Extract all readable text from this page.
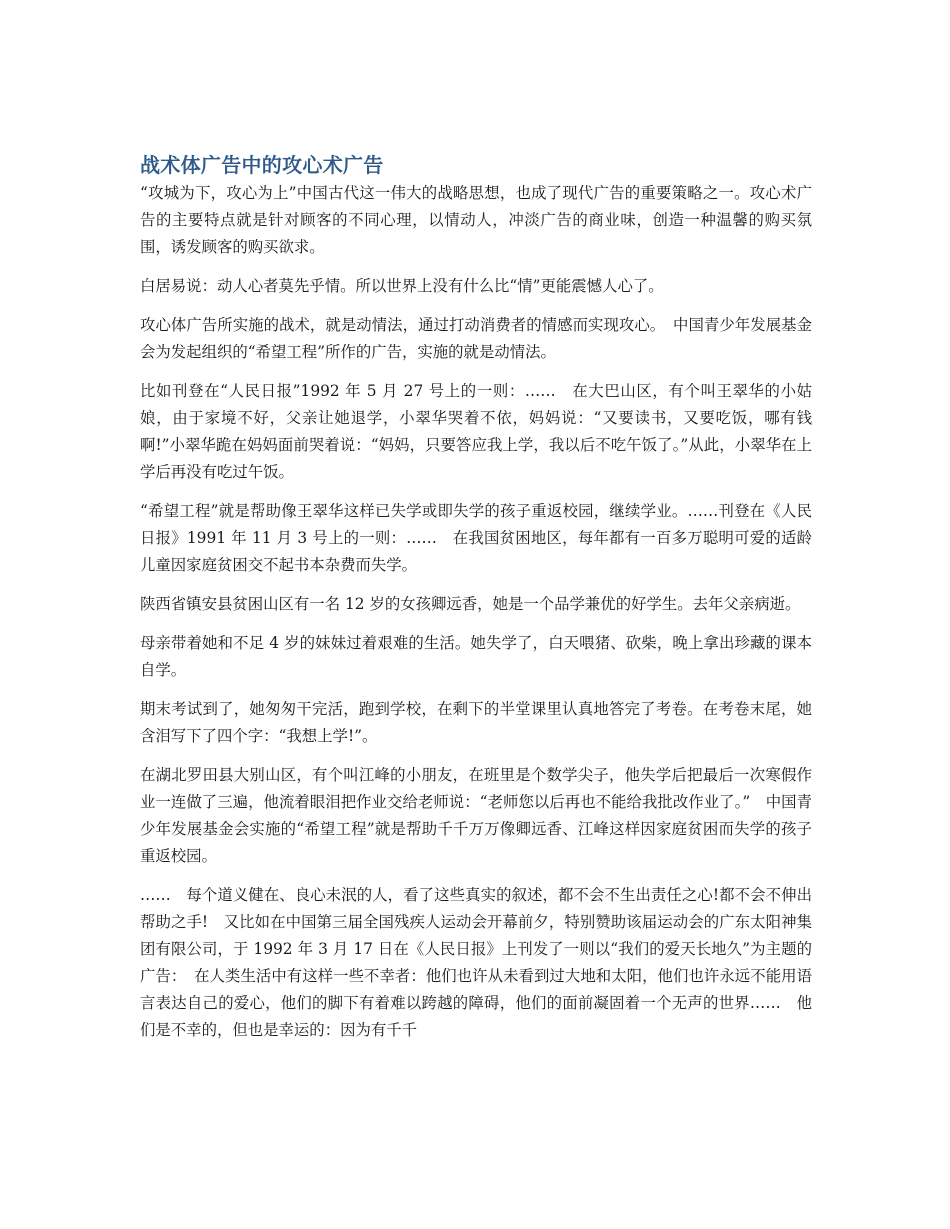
战术体广告中的攻心术广告

“攻城为下，攻心为上”中国古代这一伟大的战略思想，也成了现代广告的重要策略之一。攻心术广告的主要特点就是针对顾客的不同心理，以情动人，冲淡广告的商业味，创造一种温馨的购买氛围，诱发顾客的购买欲求。

白居易说：动人心者莫先乎情。所以世界上没有什么比“情”更能震憾人心了。

攻心体广告所实施的战术，就是动情法，通过打动消费者的情感而实现攻心。　中国青少年发展基金会为发起组织的“希望工程”所作的广告，实施的就是动情法。

比如刊登在“人民日报”1992 年 5 月 27 号上的一则：……　在大巴山区，有个叫王翠华的小姑娘，由于家境不好，父亲让她退学，小翠华哭着不依，妈妈说：“又要读书，又要吃饭，哪有钱啊!”小翠华跪在妈妈面前哭着说：“妈妈，只要答应我上学，我以后不吃午饭了。”从此，小翠华在上学后再没有吃过午饭。

“希望工程”就是帮助像王翠华这样已失学或即失学的孩子重返校园，继续学业。……刊登在《人民日报》1991 年 11 月 3 号上的一则：……　在我国贫困地区，每年都有一百多万聪明可爱的适龄儿童因家庭贫困交不起书本杂费而失学。

陕西省镇安县贫困山区有一名 12 岁的女孩卿远香，她是一个品学兼优的好学生。去年父亲病逝。

母亲带着她和不足 4 岁的妹妹过着艰难的生活。她失学了，白天喂猪、砍柴，晚上拿出珍藏的课本自学。

期末考试到了，她匆匆干完活，跑到学校，在剩下的半堂课里认真地答完了考卷。在考卷末尾，她含泪写下了四个字：“我想上学!”。

在湖北罗田县大别山区，有个叫江峰的小朋友，在班里是个数学尖子，他失学后把最后一次寒假作业一连做了三遍，他流着眼泪把作业交给老师说：“老师您以后再也不能给我批改作业了。”　中国青少年发展基金会实施的“希望工程”就是帮助千千万万像卿远香、江峰这样因家庭贫困而失学的孩子重返校园。

……　每个道义健在、良心未泯的人，看了这些真实的叙述，都不会不生出责任之心!都不会不伸出帮助之手!　又比如在中国第三届全国残疾人运动会开幕前夕，特别赞助该届运动会的广东太阳神集团有限公司，于 1992 年 3 月 17 日在《人民日报》上刊发了一则以“我们的爱天长地久”为主题的广告：　在人类生活中有这样一些不幸者：他们也许从未看到过大地和太阳，他们也许永远不能用语言表达自己的爱心，他们的脚下有着难以跨越的障碍，他们的面前凝固着一个无声的世界……　他们是不幸的，但也是幸运的：因为有千千
